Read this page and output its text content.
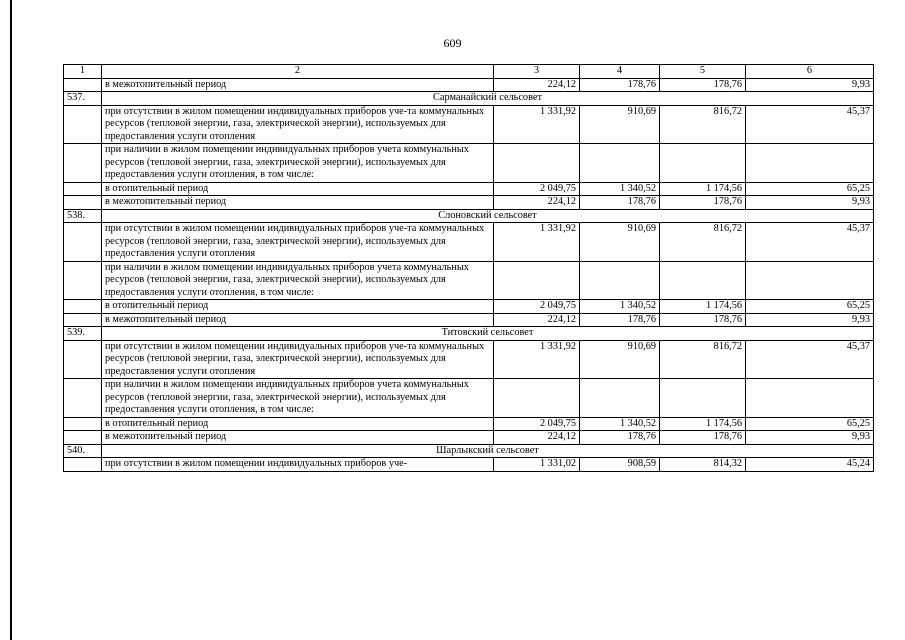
609
1	2	3	4	5	6
	в межотопительный период	224,12	178,76	178,76	9,93
537.	Сарманайский сельсовет				
	при отсутствии в жилом помещении индивидуальных приборов уче-та коммунальных ресурсов (тепловой энергии, газа, электрической энергии), используемых для предоставления услуги отопления	1 331,92	910,69	816,72	45,37
	при наличии в жилом помещении индивидуальных приборов учета коммунальных ресурсов (тепловой энергии, газа, электрической энергии), используемых для предоставления услуги отопления, в том числе:				
	в отопительный период	2 049,75	1 340,52	1 174,56	65,25
	в межотопительный период	224,12	178,76	178,76	9,93
538.	Слоновский сельсовет				
	при отсутствии в жилом помещении индивидуальных приборов уче-та коммунальных ресурсов (тепловой энергии, газа, электрической энергии), используемых для предоставления услуги отопления	1 331,92	910,69	816,72	45,37
	при наличии в жилом помещении индивидуальных приборов учета коммунальных ресурсов (тепловой энергии, газа, электрической энергии), используемых для предоставления услуги отопления, в том числе:				
	в отопительный период	2 049,75	1 340,52	1 174,56	65,25
	в межотопительный период	224,12	178,76	178,76	9,93
539.	Титовский сельсовет				
	при отсутствии в жилом помещении индивидуальных приборов уче-та коммунальных ресурсов (тепловой энергии, газа, электрической энергии), используемых для предоставления услуги отопления	1 331,92	910,69	816,72	45,37
	при наличии в жилом помещении индивидуальных приборов учета коммунальных ресурсов (тепловой энергии, газа, электрической энергии), используемых для предоставления услуги отопления, в том числе:				
	в отопительный период	2 049,75	1 340,52	1 174,56	65,25
	в межотопительный период	224,12	178,76	178,76	9,93
540.	Шарлыкский сельсовет				
	при отсутствии в жилом помещении индивидуальных приборов уче-	1 331,02	908,59	814,32	45,24
